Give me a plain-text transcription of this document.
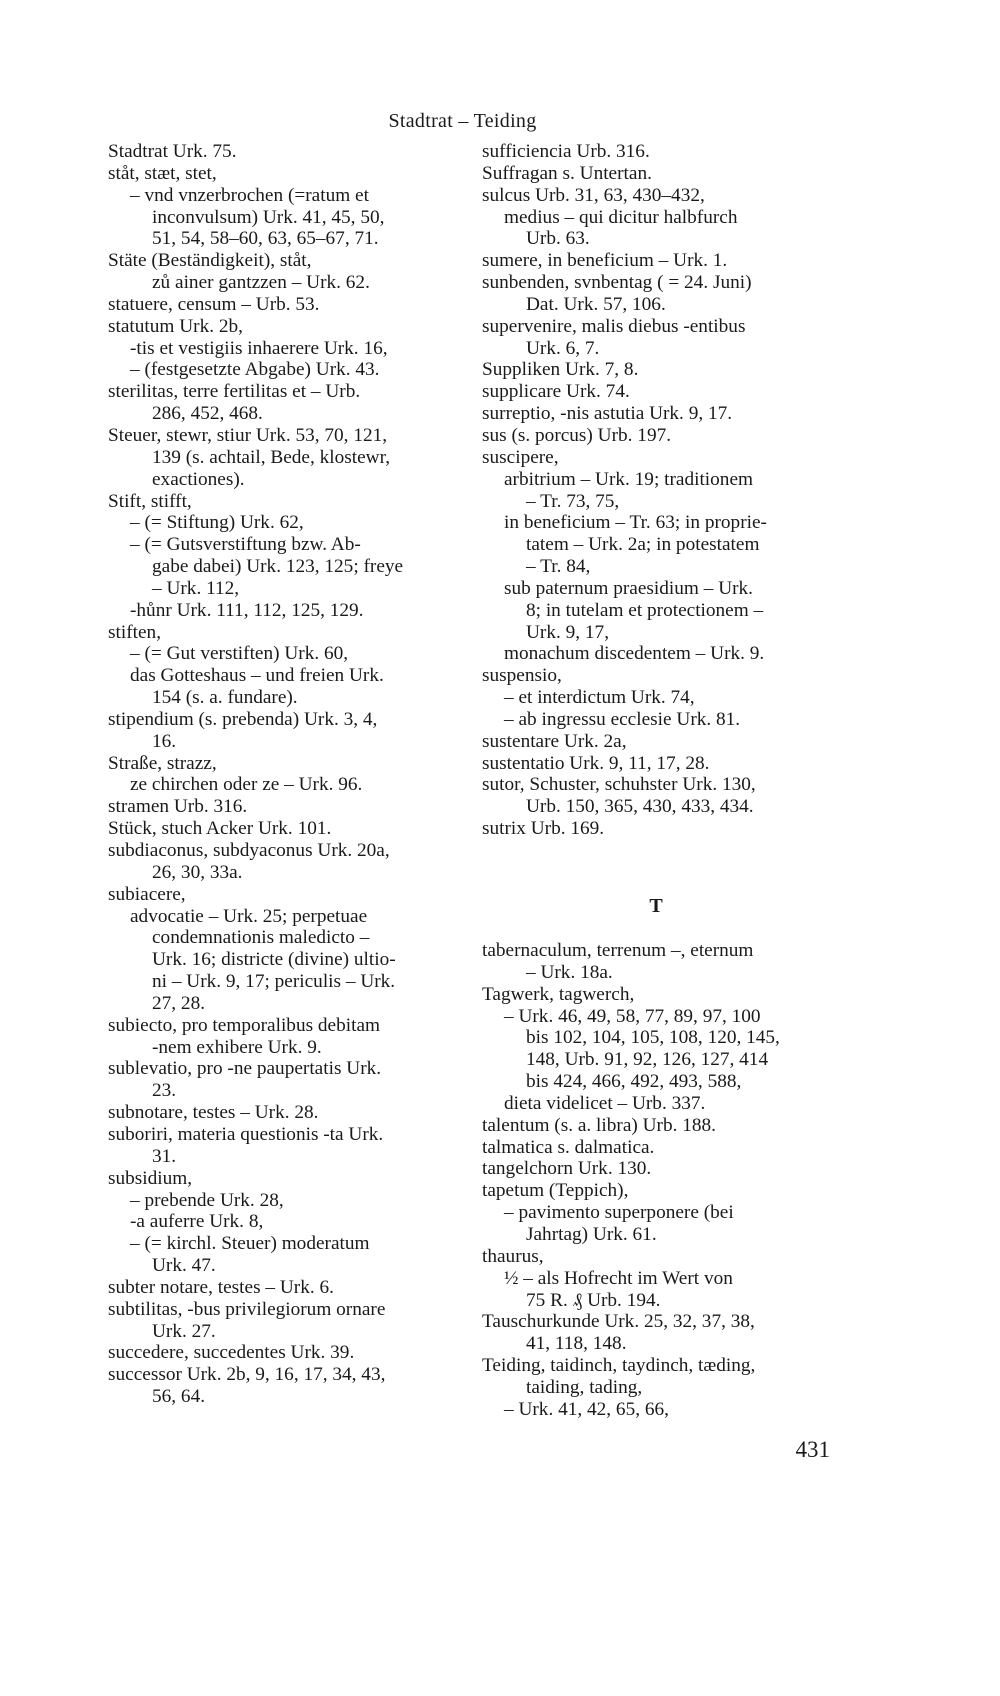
Stadtrat – Teiding
Stadtrat Urk. 75.
ståt, stæt, stet,
– vnd vnzerbrochen (=ratum et
inconvulsum) Urk. 41, 45, 50,
51, 54, 58–60, 63, 65–67, 71.
Stäte (Beständigkeit), ståt,
zů ainer gantzzen – Urk. 62.
statuere, censum – Urb. 53.
statutum Urk. 2b,
-tis et vestigiis inhaerere Urk. 16,
– (festgesetzte Abgabe) Urk. 43.
sterilitas, terre fertilitas et – Urb.
286, 452, 468.
Steuer, stewr, stiur Urk. 53, 70, 121,
139 (s. achtail, Bede, klostewr,
exactiones).
Stift, stifft,
– (= Stiftung) Urk. 62,
– (= Gutsverstiftung bzw. Ab-
gabe dabei) Urk. 123, 125; freye
– Urk. 112,
-hůnr Urk. 111, 112, 125, 129.
stiften,
– (= Gut verstiften) Urk. 60,
das Gotteshaus – und freien Urk.
154 (s. a. fundare).
stipendium (s. prebenda) Urk. 3, 4,
16.
Straße, strazz,
ze chirchen oder ze – Urk. 96.
stramen Urb. 316.
Stück, stuch Acker Urk. 101.
subdiaconus, subdyaconus Urk. 20a,
26, 30, 33a.
subiacere,
advocatie – Urk. 25; perpetuae
condemnationis maledicto –
Urk. 16; districte (divine) ultio-
ni – Urk. 9, 17; periculis – Urk.
27, 28.
subiecto, pro temporalibus debitam
-nem exhibere Urk. 9.
sublevatio, pro -ne paupertatis Urk.
23.
subnotare, testes – Urk. 28.
suboriri, materia questionis -ta Urk.
31.
subsidium,
– prebende Urk. 28,
-a auferre Urk. 8,
– (= kirchl. Steuer) moderatum
Urk. 47.
subter notare, testes – Urk. 6.
subtilitas, -bus privilegiorum ornare
Urk. 27.
succedere, succedentes Urk. 39.
successor Urk. 2b, 9, 16, 17, 34, 43,
56, 64.
sufficiencia Urb. 316.
Suffragan s. Untertan.
sulcus Urb. 31, 63, 430–432,
medius – qui dicitur halbfurch
Urb. 63.
sumere, in beneficium – Urk. 1.
sunbenden, svnbentag ( = 24. Juni)
Dat. Urk. 57, 106.
supervenire, malis diebus -entibus
Urk. 6, 7.
Suppliken Urk. 7, 8.
supplicare Urk. 74.
surreptio, -nis astutia Urk. 9, 17.
sus (s. porcus) Urb. 197.
suscipere,
arbitrium – Urk. 19; traditionem
– Tr. 73, 75,
in beneficium – Tr. 63; in proprie-
tatem – Urk. 2a; in potestatem
– Tr. 84,
sub paternum praesidium – Urk.
8; in tutelam et protectionem –
Urk. 9, 17,
monachum discedentem – Urk. 9.
suspensio,
– et interdictum Urk. 74,
– ab ingressu ecclesie Urk. 81.
sustentare Urk. 2a,
sustentatio Urk. 9, 11, 17, 28.
sutor, Schuster, schuhster Urk. 130,
Urb. 150, 365, 430, 433, 434.
sutrix Urb. 169.
T
tabernaculum, terrenum –, eternum
– Urk. 18a.
Tagwerk, tagwerch,
– Urk. 46, 49, 58, 77, 89, 97, 100
bis 102, 104, 105, 108, 120, 145,
148, Urb. 91, 92, 126, 127, 414
bis 424, 466, 492, 493, 588,
dieta videlicet – Urb. 337.
talentum (s. a. libra) Urb. 188.
talmatica s. dalmatica.
tangelchorn Urk. 130.
tapetum (Teppich),
– pavimento superponere (bei
Jahrtag) Urk. 61.
thaurus,
½ – als Hofrecht im Wert von
75 R. ₰ Urb. 194.
Tauschurkunde Urk. 25, 32, 37, 38,
41, 118, 148.
Teiding, taidinch, taydinch, tæding,
taiding, tading,
– Urk. 41, 42, 65, 66,
431
